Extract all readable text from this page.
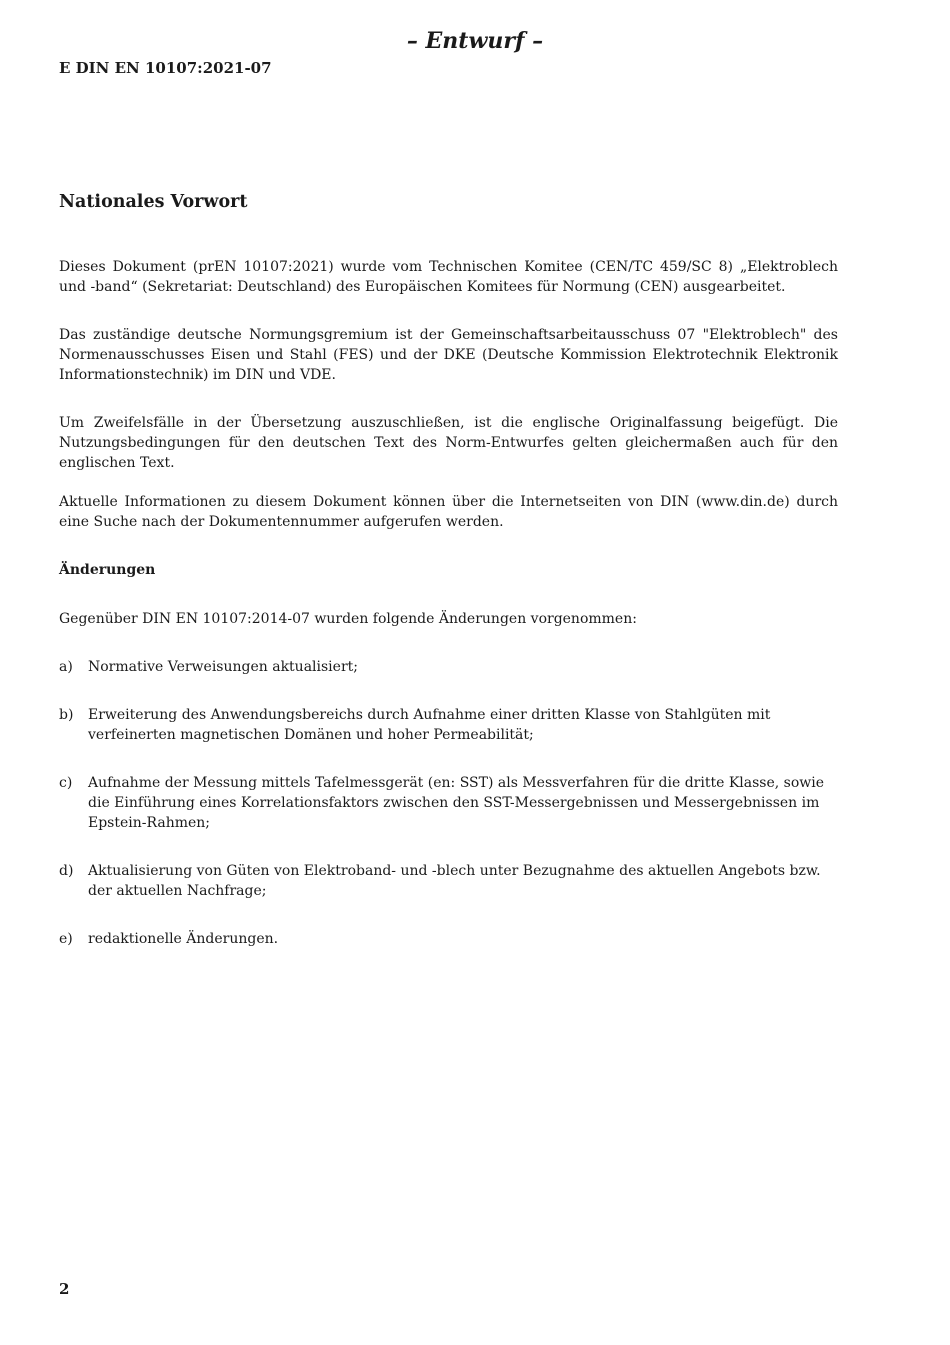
– Entwurf –
E DIN EN 10107:2021-07
Nationales Vorwort

Dieses Dokument (prEN 10107:2021) wurde vom Technischen Komitee (CEN/TC 459/SC 8) „Elektroblech und -band“ (Sekretariat: Deutschland) des Europäischen Komitees für Normung (CEN) ausgearbeitet.

Das zuständige deutsche Normungsgremium ist der Gemeinschaftsarbeitausschuss 07 "Elektroblech" des Normenausschusses Eisen und Stahl (FES) und der DKE (Deutsche Kommission Elektrotechnik Elektronik Informationstechnik) im DIN und VDE.

Um Zweifelsfälle in der Übersetzung auszuschließen, ist die englische Originalfassung beigefügt. Die Nutzungsbedingungen für den deutschen Text des Norm-Entwurfes gelten gleichermaßen auch für den englischen Text.

Aktuelle Informationen zu diesem Dokument können über die Internetseiten von DIN (www.din.de) durch eine Suche nach der Dokumentennummer aufgerufen werden.

Änderungen

Gegenüber DIN EN 10107:2014-07 wurden folgende Änderungen vorgenommen:

a)	Normative Verweisungen aktualisiert;
b)	Erweiterung des Anwendungsbereichs durch Aufnahme einer dritten Klasse von Stahlgüten mit verfeinerten magnetischen Domänen und hoher Permeabilität;
c)	Aufnahme der Messung mittels Tafelmessgerät (en: SST) als Messverfahren für die dritte Klasse, sowie die Einführung eines Korrelationsfaktors zwischen den SST-Messergebnissen und Messergebnissen im Epstein-Rahmen;
d)	Aktualisierung von Güten von Elektroband- und -blech unter Bezugnahme des aktuellen Angebots bzw. der aktuellen Nachfrage;
e)	redaktionelle Änderungen.
2
